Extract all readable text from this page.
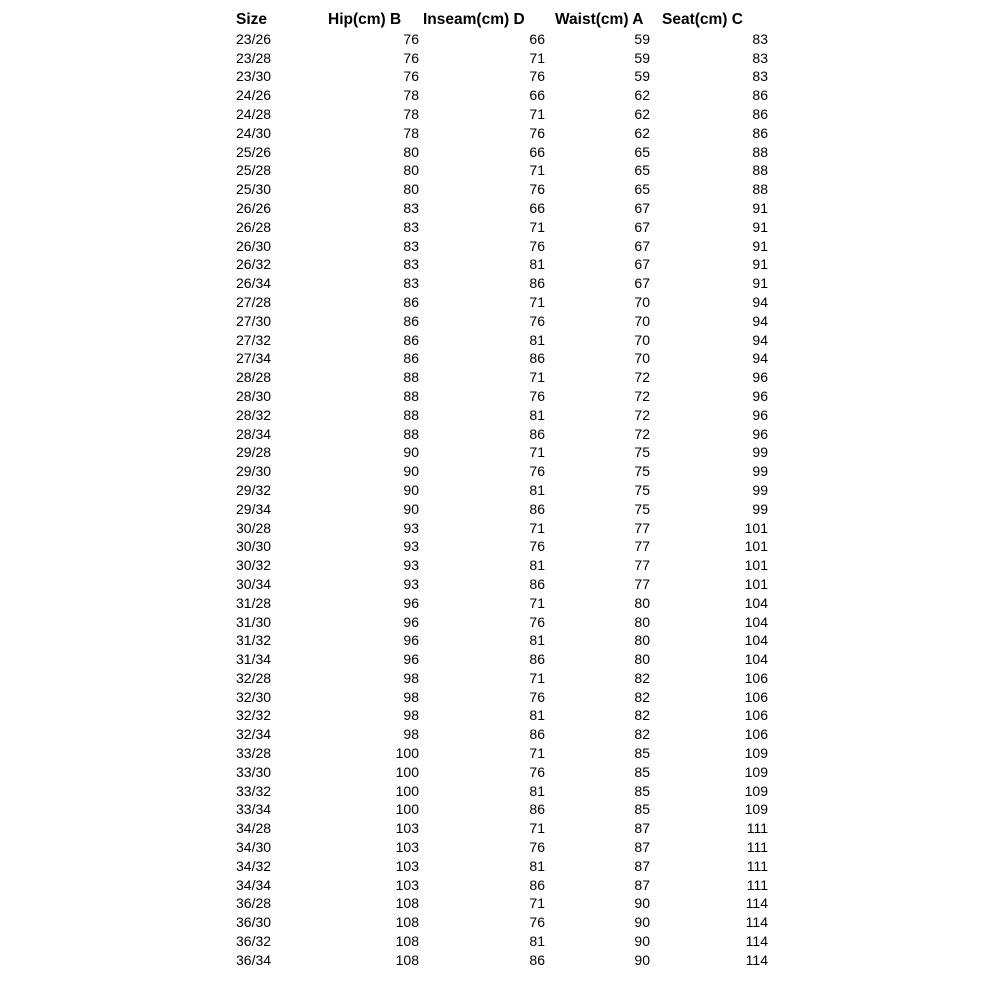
Size	Hip(cm) B	Inseam(cm) D	Waist(cm) A	Seat(cm) C
23/26	76	66	59	83
23/28	76	71	59	83
23/30	76	76	59	83
24/26	78	66	62	86
24/28	78	71	62	86
24/30	78	76	62	86
25/26	80	66	65	88
25/28	80	71	65	88
25/30	80	76	65	88
26/26	83	66	67	91
26/28	83	71	67	91
26/30	83	76	67	91
26/32	83	81	67	91
26/34	83	86	67	91
27/28	86	71	70	94
27/30	86	76	70	94
27/32	86	81	70	94
27/34	86	86	70	94
28/28	88	71	72	96
28/30	88	76	72	96
28/32	88	81	72	96
28/34	88	86	72	96
29/28	90	71	75	99
29/30	90	76	75	99
29/32	90	81	75	99
29/34	90	86	75	99
30/28	93	71	77	101
30/30	93	76	77	101
30/32	93	81	77	101
30/34	93	86	77	101
31/28	96	71	80	104
31/30	96	76	80	104
31/32	96	81	80	104
31/34	96	86	80	104
32/28	98	71	82	106
32/30	98	76	82	106
32/32	98	81	82	106
32/34	98	86	82	106
33/28	100	71	85	109
33/30	100	76	85	109
33/32	100	81	85	109
33/34	100	86	85	109
34/28	103	71	87	111
34/30	103	76	87	111
34/32	103	81	87	111
34/34	103	86	87	111
36/28	108	71	90	114
36/30	108	76	90	114
36/32	108	81	90	114
36/34	108	86	90	114
